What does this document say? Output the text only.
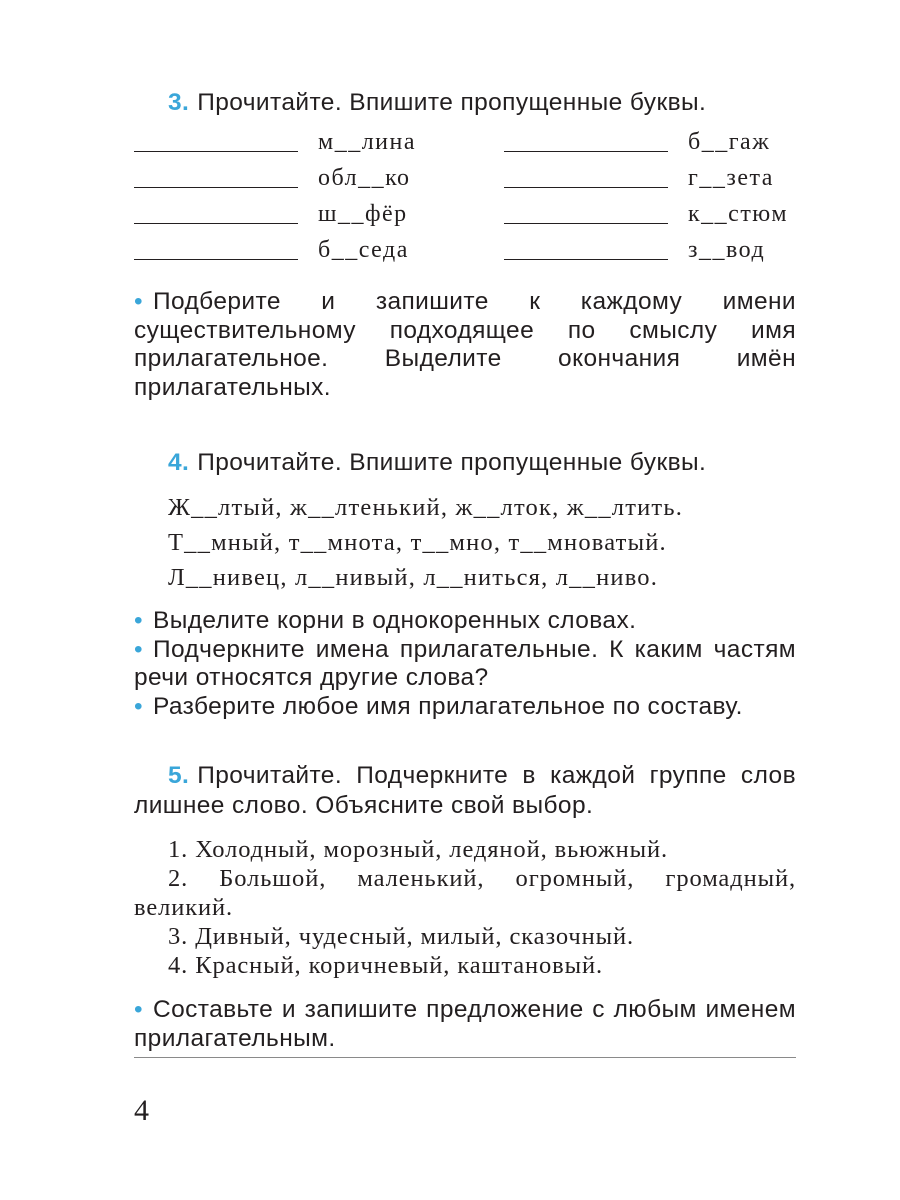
3. Прочитайте. Впишите пропущенные буквы.
м__лина	б__гаж
обл__ко	г__зета
ш__фёр	к__стюм
б__седа	з__вод
• Подберите и запишите к каждому имени существительному подходящее по смыслу имя прилагательное. Выделите окончания имён прилагательных.
4. Прочитайте. Впишите пропущенные буквы.
Ж__лтый, ж__лтенький, ж__лток, ж__лтить.
Т__мный, т__мнота, т__мно, т__мноватый.
Л__нивец, л__нивый, л__ниться, л__ниво.
• Выделите корни в однокоренных словах.
• Подчеркните имена прилагательные. К каким частям речи относятся другие слова?
• Разберите любое имя прилагательное по составу.
5. Прочитайте. Подчеркните в каждой группе слов лишнее слово. Объясните свой выбор.
1. Холодный, морозный, ледяной, вьюжный.
2. Большой, маленький, огромный, громадный, великий.
3. Дивный, чудесный, милый, сказочный.
4. Красный, коричневый, каштановый.
• Составьте и запишите предложение с любым именем прилагательным.
4
